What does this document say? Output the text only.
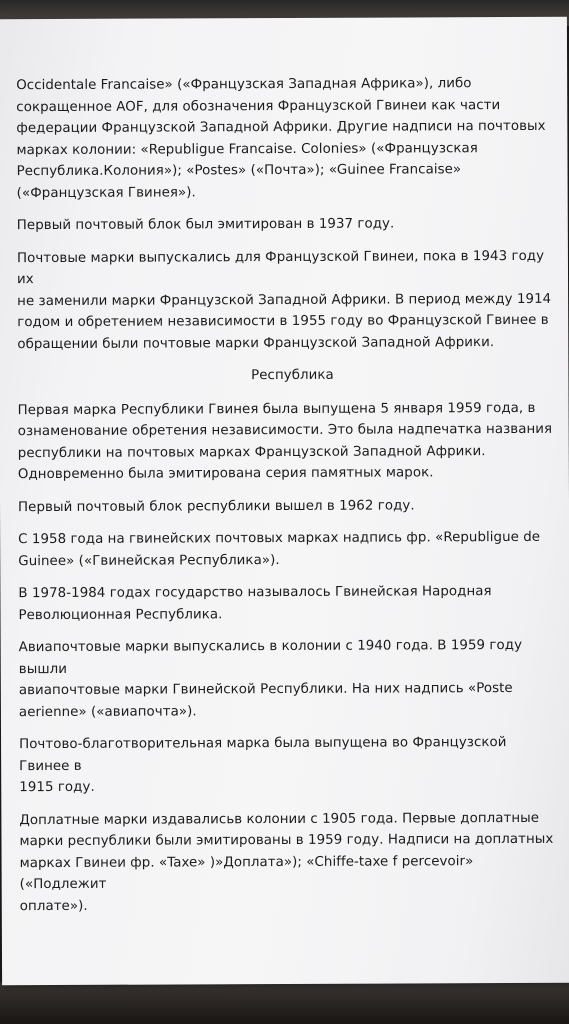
Occidentale Francaise» («Французская Западная Африка»), либо
сокращенное AOF, для обозначения Французской Гвинеи как части
федерации Французской Западной Африки. Другие надписи на почтовых
марках колонии: «Republigue Francaise. Colonies» («Французская
Республика.Колония»); «Postes» («Почта»); «Guinee Francaise»
(«Французская Гвинея»).

Первый почтовый блок был эмитирован в 1937 году.

Почтовые марки выпускались для Французской Гвинеи, пока в 1943 году их
не заменили марки Французской Западной Африки. В период между 1914
годом и обретением независимости в 1955 году во Французской Гвинее в
обращении были почтовые марки Французской Западной Африки.

Республика

Первая марка Республики Гвинея была выпущена 5 января 1959 года, в
ознаменование обретения независимости. Это была надпечатка названия
республики на почтовых марках Французской Западной Африки.
Одновременно была эмитирована серия памятных марок.

Первый почтовый блок республики вышел в 1962 году.

С 1958 года на гвинейских почтовых марках надпись фр. «Republigue de
Guinee» («Гвинейская Республика»).

В 1978-1984 годах государство называлось Гвинейская Народная
Революционная Республика.

Авиапочтовые марки выпускались в колонии с 1940 года. В 1959 году вышли
авиапочтовые марки Гвинейской Республики. На них надпись «Poste
aerienne» («авиапочта»).

Почтово-благотворительная марка была выпущена во Французской Гвинее в
1915 году.

Доплатные марки издавалисьв колонии с 1905 года. Первые доплатные
марки республики были эмитированы в 1959 году. Надписи на доплатных
марках Гвинеи фр. «Taxe» )»Доплата»); «Chiffe-taxe f percevoir» («Подлежит
оплате»).
